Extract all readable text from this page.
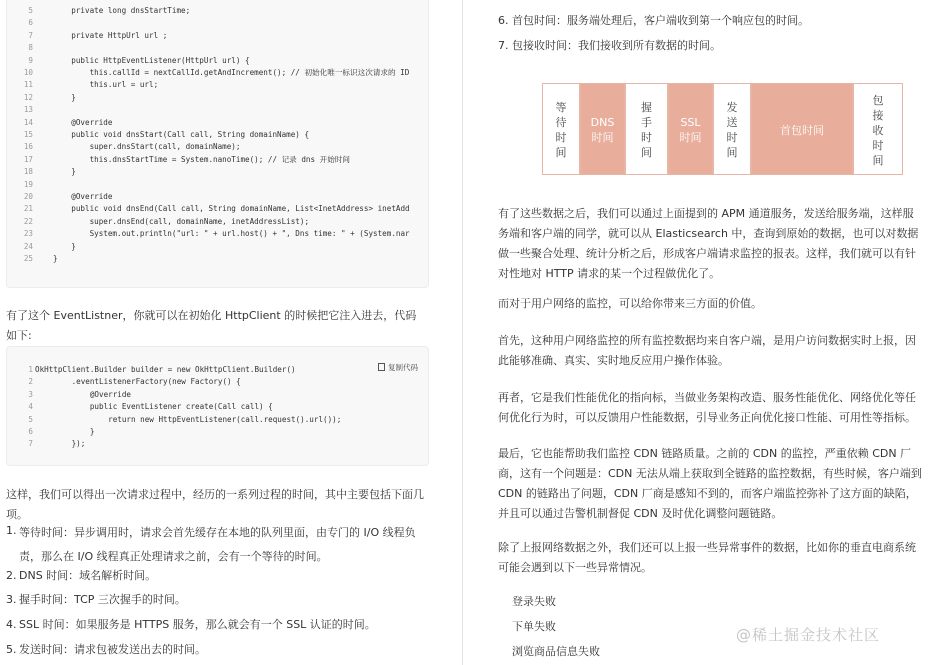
5	private long dnsStartTime;
6
7	private HttpUrl url ;
8
9	public HttpEventListener(HttpUrl url) {
10	this.callId = nextCallId.getAndIncrement(); // 初始化唯一标识这次请求的 ID
11	this.url = url;
12	}
13
14	@Override
15	public void dnsStart(Call call, String domainName) {
16	super.dnsStart(call, domainName);
17	this.dnsStartTime = System.nanoTime(); // 记录 dns 开始时间
18	}
19
20	@Override
21	public void dnsEnd(Call call, String domainName, List<InetAddress> inetAdd
22	super.dnsEnd(call, domainName, inetAddressList);
23	System.out.println("url: " + url.host() + ", Dns time: " + (System.nar
24	}
25	}
有了这个 EventListner，你就可以在初始化 HttpClient 的时候把它注入进去，代码如下:

复制代码

1 OkHttpClient.Builder builder = new OkHttpClient.Builder()
2 .eventListenerFactory(new Factory() {
3 @Override
4 public EventListener create(Call call) {
5 return new HttpEventListener(call.request().url());
6 }
7 });
这样，我们可以得出一次请求过程中，经历的一系列过程的时间，其中主要包括下面几项。
1. 等待时间：异步调用时，请求会首先缓存在本地的队列里面，由专门的 I/O 线程负责，那么在 I/O 线程真正处理请求之前，会有一个等待的时间。
2. DNS 时间：域名解析时间。
3. 握手时间：TCP 三次握手的时间。
4. SSL 时间：如果服务是 HTTPS 服务，那么就会有一个 SSL 认证的时间。
5. 发送时间：请求包被发送出去的时间。
6. 首包时间：服务端处理后，客户端收到第一个响应包的时间。
7. 包接收时间：我们接收到所有数据的时间。
等
待
时
间
DNS
时间
握
手
时
间
SSL
时间
发
送
时
间
首包时间
包
接
收
时
间
有了这些数据之后，我们可以通过上面提到的 APM 通道服务，发送给服务端，这样服务端和客户端的同学，就可以从 Elasticsearch 中，查询到原始的数据，也可以对数据做一些聚合处理、统计分析之后，形成客户端请求监控的报表。这样，我们就可以有针对性地对 HTTP 请求的某一个过程做优化了。
而对于用户网络的监控，可以给你带来三方面的价值。
首先，这种用户网络监控的所有监控数据均来自客户端，是用户访问数据实时上报，因此能够准确、真实、实时地反应用户操作体验。
再者，它是我们性能优化的指向标，当做业务架构改造、服务性能优化、网络优化等任何优化行为时，可以反馈用户性能数据，引导业务正向优化接口性能、可用性等指标。
最后，它也能帮助我们监控 CDN 链路质量。之前的 CDN 的监控，严重依赖 CDN 厂商，这有一个问题是：CDN 无法从端上获取到全链路的监控数据，有些时候，客户端到 CDN 的链路出了问题，CDN 厂商是感知不到的，而客户端监控弥补了这方面的缺陷，并且可以通过告警机制督促 CDN 及时优化调整问题链路。
除了上报网络数据之外，我们还可以上报一些异常事件的数据，比如你的垂直电商系统可能会遇到以下一些异常情况。
登录失败
下单失败
浏览商品信息失败
@稀土掘金技术社区
